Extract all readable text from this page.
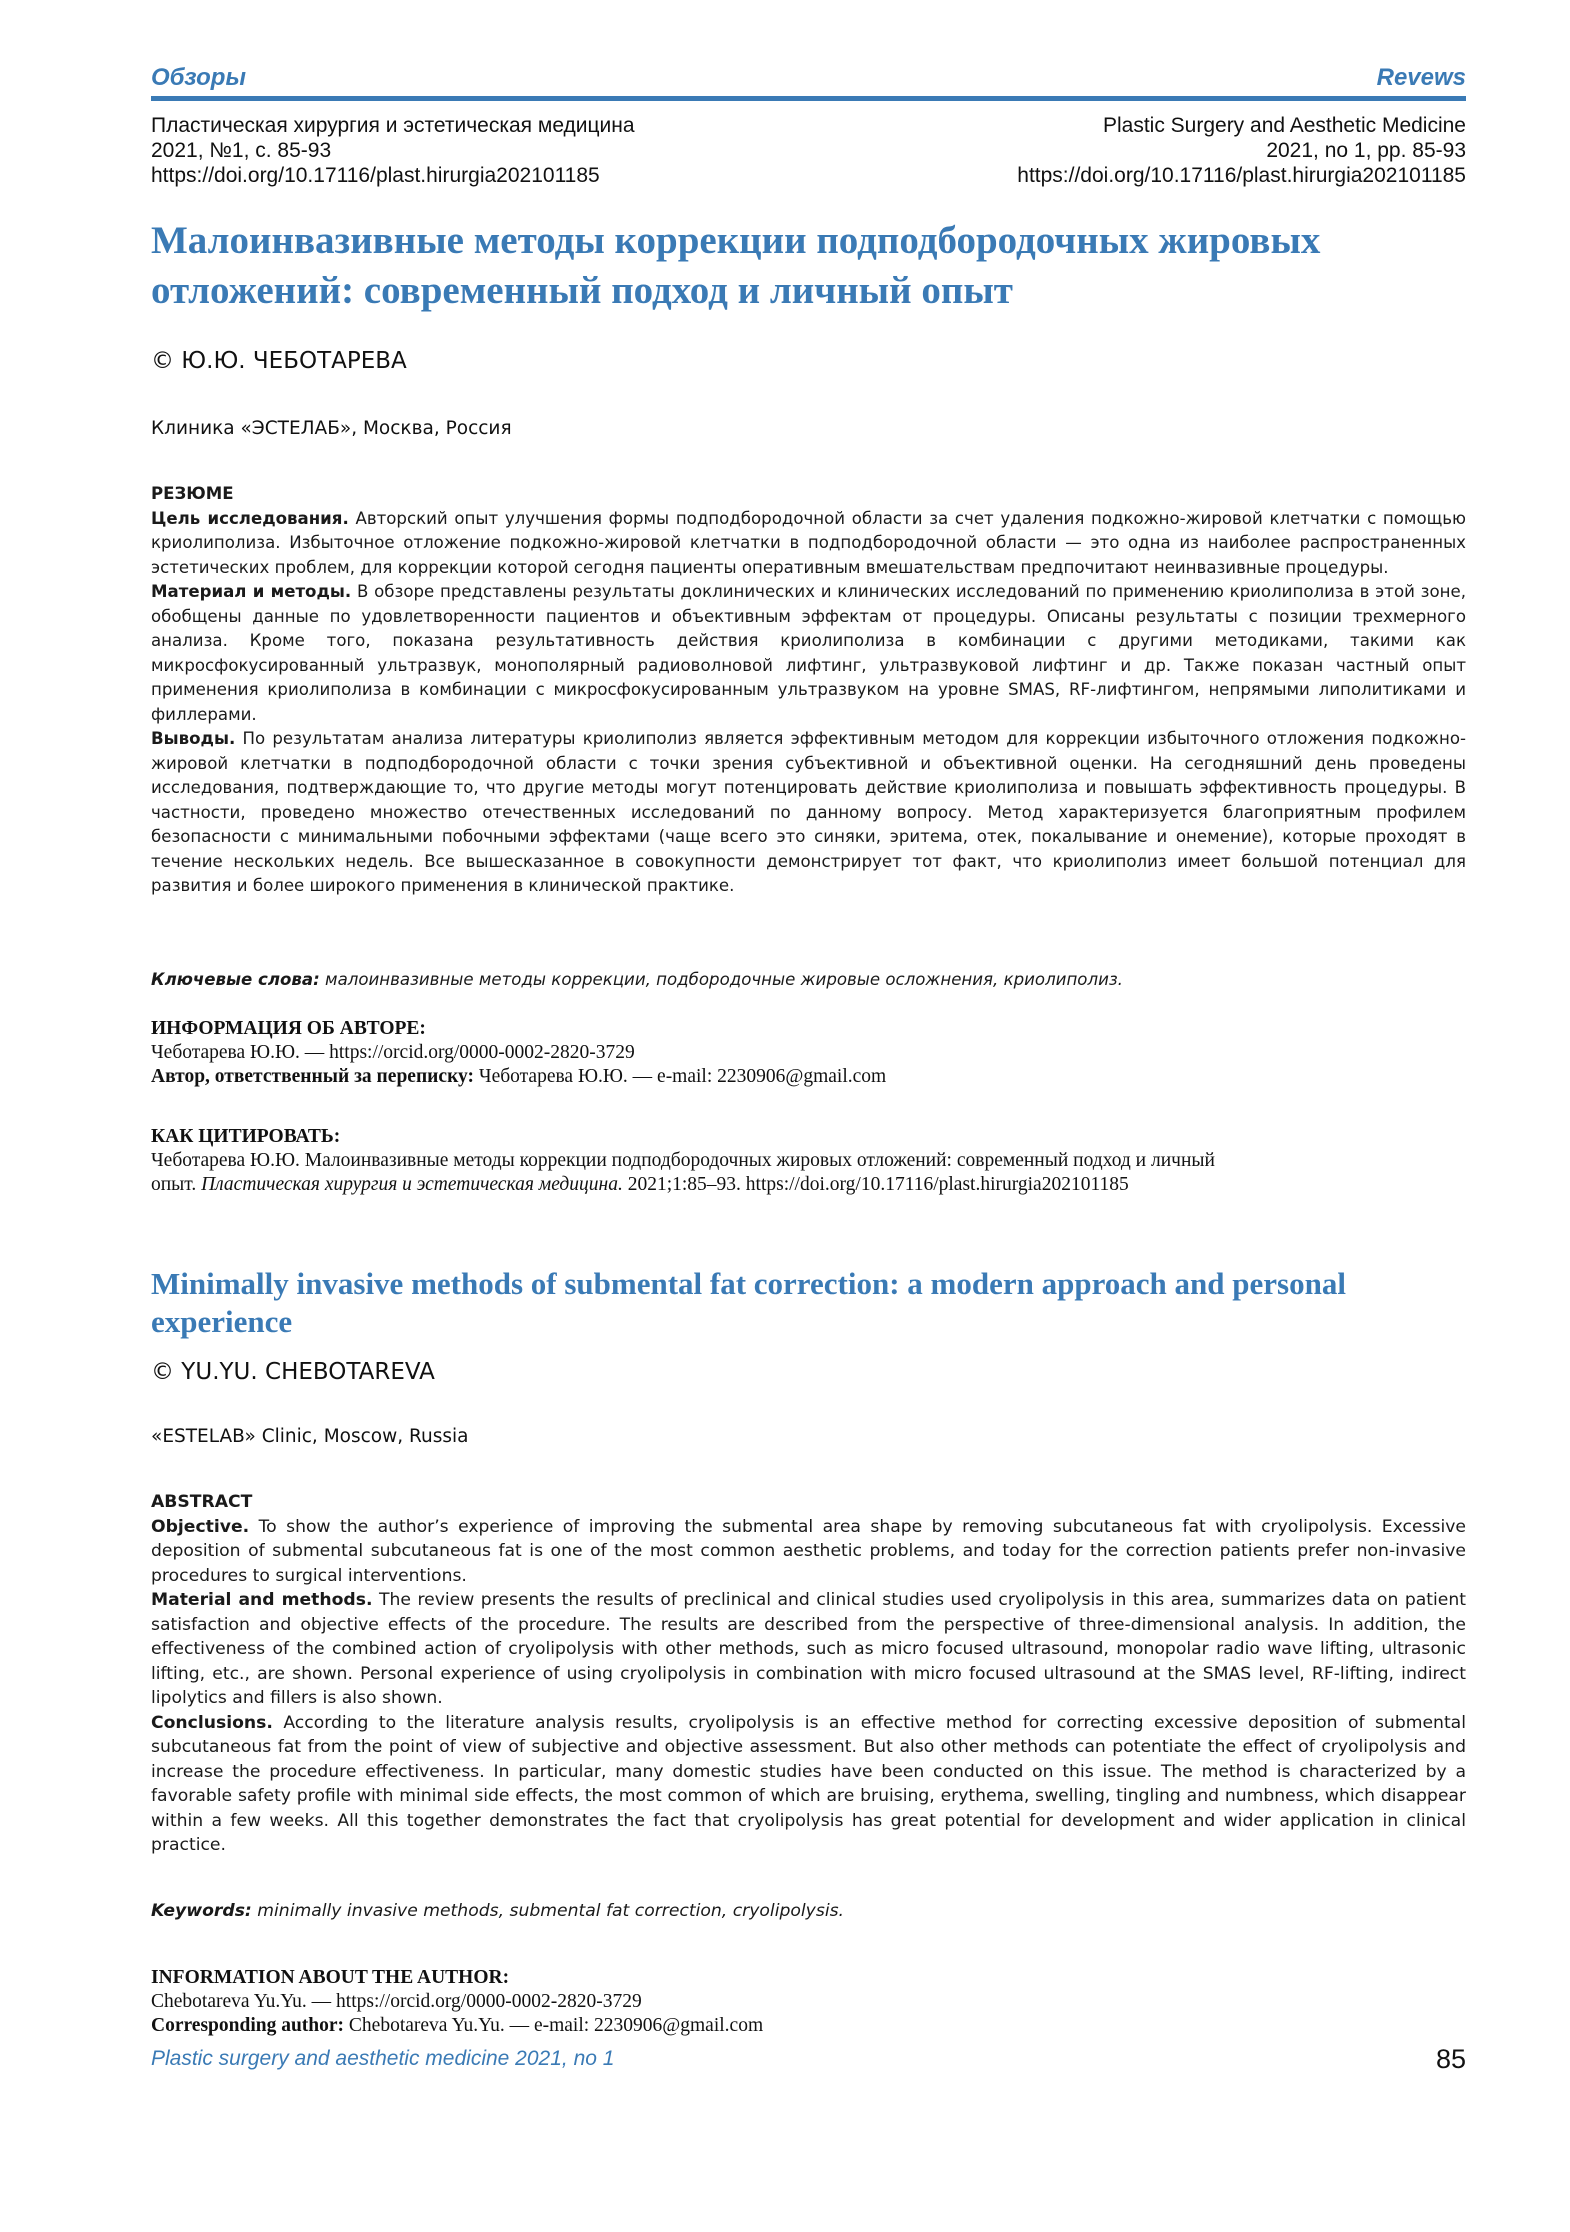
Обзоры	Revews
Пластическая хирургия и эстетическая медицина
2021, №1, с. 85-93
https://doi.org/10.17116/plast.hirurgia202101185
Plastic Surgery and Aesthetic Medicine
2021, no 1, pp. 85-93
https://doi.org/10.17116/plast.hirurgia202101185
Малоинвазивные методы коррекции подподбородочных жировых отложений: современный подход и личный опыт
© Ю.Ю. ЧЕБОТАРЕВА
Клиника «ЭСТЕЛАБ», Москва, Россия

РЕЗЮМЕ

Цель исследования. Авторский опыт улучшения формы подподбородочной области за счет удаления подкожно-жировой клетчатки с помощью криолиполиза. Избыточное отложение подкожно-жировой клетчатки в подподбородочной области — это одна из наиболее распространенных эстетических проблем, для коррекции которой сегодня пациенты оперативным вмешательствам предпочитают неинвазивные процедуры.

Материал и методы. В обзоре представлены результаты доклинических и клинических исследований по применению криолиполиза в этой зоне, обобщены данные по удовлетворенности пациентов и объективным эффектам от процедуры. Описаны результаты с позиции трехмерного анализа. Кроме того, показана результативность действия криолиполиза в комбинации с другими методиками, такими как микросфокусированный ультразвук, монополярный радиоволновой лифтинг, ультразвуковой лифтинг и др. Также показан частный опыт применения криолиполиза в комбинации с микросфокусированным ультразвуком на уровне SMAS, RF-лифтингом, непрямыми липолитиками и филлерами.

Выводы. По результатам анализа литературы криолиполиз является эффективным методом для коррекции избыточного отложения подкожно-жировой клетчатки в подподбородочной области с точки зрения субъективной и объективной оценки. На сегодняшний день проведены исследования, подтверждающие то, что другие методы могут потенцировать действие криолиполиза и повышать эффективность процедуры. В частности, проведено множество отечественных исследований по данному вопросу. Метод характеризуется благоприятным профилем безопасности с минимальными побочными эффектами (чаще всего это синяки, эритема, отек, покалывание и онемение), которые проходят в течение нескольких недель. Все вышесказанное в совокупности демонстрирует тот факт, что криолиполиз имеет большой потенциал для развития и более широкого применения в клинической практике.

Ключевые слова: малоинвазивные методы коррекции, подбородочные жировые осложнения, криолиполиз.
ИНФОРМАЦИЯ ОБ АВТОРЕ:
Чеботарева Ю.Ю. — https://orcid.org/0000-0002-2820-3729
Автор, ответственный за переписку: Чеботарева Ю.Ю. — e-mail: 2230906@gmail.com
КАК ЦИТИРОВАТЬ:
Чеботарева Ю.Ю. Малоинвазивные методы коррекции подподбородочных жировых отложений: современный подход и личный
опыт. Пластическая хирургия и эстетическая медицина. 2021;1:85–93. https://doi.org/10.17116/plast.hirurgia202101185
Minimally invasive methods of submental fat correction: a modern approach and personal experience
© YU.YU. CHEBOTAREVA
«ESTELAB» Clinic, Moscow, Russia

ABSTRACT

Objective. To show the author’s experience of improving the submental area shape by removing subcutaneous fat with cryolipolysis. Excessive deposition of submental subcutaneous fat is one of the most common aesthetic problems, and today for the correction patients prefer non-invasive procedures to surgical interventions.

Material and methods. The review presents the results of preclinical and clinical studies used cryolipolysis in this area, summarizes data on patient satisfaction and objective effects of the procedure. The results are described from the perspective of three-dimensional analysis. In addition, the effectiveness of the combined action of cryolipolysis with other methods, such as micro focused ultrasound, monopolar radio wave lifting, ultrasonic lifting, etc., are shown. Personal experience of using cryolipolysis in combination with micro focused ultrasound at the SMAS level, RF-lifting, indirect lipolytics and fillers is also shown.

Conclusions. According to the literature analysis results, cryolipolysis is an effective method for correcting excessive deposition of submental subcutaneous fat from the point of view of subjective and objective assessment. But also other methods can potentiate the effect of cryolipolysis and increase the procedure effectiveness. In particular, many domestic studies have been conducted on this issue. The method is characterized by a favorable safety profile with minimal side effects, the most common of which are bruising, erythema, swelling, tingling and numbness, which disappear within a few weeks. All this together demonstrates the fact that cryolipolysis has great potential for development and wider application in clinical practice.

Keywords: minimally invasive methods, submental fat correction, cryolipolysis.
INFORMATION ABOUT THE AUTHOR:
Chebotareva Yu.Yu. — https://orcid.org/0000-0002-2820-3729
Corresponding author: Chebotareva Yu.Yu. — e-mail: 2230906@gmail.com
Plastic surgery and aesthetic medicine 2021, no 1	85
